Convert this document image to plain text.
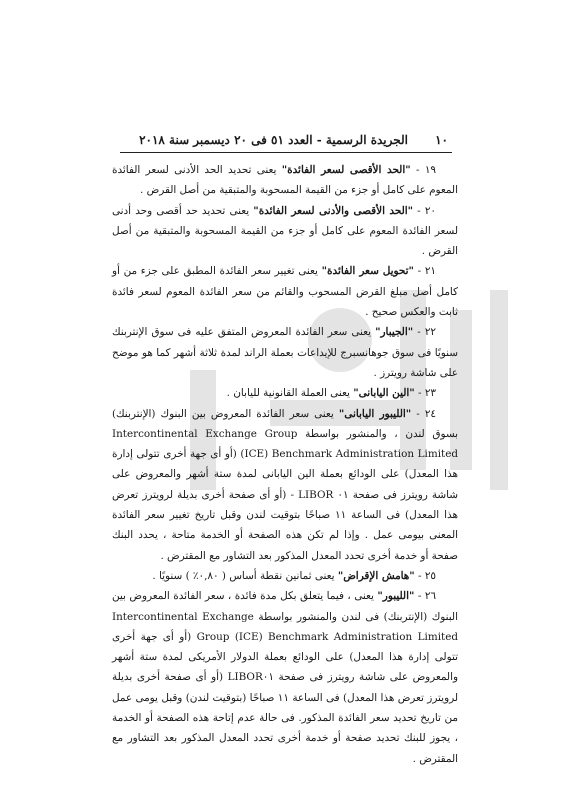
١٠
الجريدة الرسمية - العدد ٥١ فى ٢٠ ديسمبر سنة ٢٠١٨

١٩ - "الحد الأقصى لسعر الفائدة" يعنى تحديد الحد الأدنى لسعر الفائدة المعوم على كامل أو جزء من القيمة المسحوبة والمتبقية من أصل القرض .

٢٠ - "الحد الأقصى والأدنى لسعر الفائدة" يعنى تحديد حد أقصى وحد أدنى لسعر الفائدة المعوم على كامل أو جزء من القيمة المسحوبة والمتبقية من أصل القرض .

٢١ - "تحويل سعر الفائدة" يعنى تغيير سعر الفائدة المطبق على جزء من أو كامل أصل مبلغ القرض المسحوب والقائم من سعر الفائدة المعوم لسعر فائدة ثابت والعكس صحيح .

٢٢ - "الجيبار" يعنى سعر الفائدة المعروض المتفق عليه فى سوق الإنتربنك سنويًا فى سوق جوهانسبرج للإيداعات بعملة الراند لمدة ثلاثة أشهر كما هو موضح على شاشة رويترز .

٢٣ - "الين اليابانى" يعنى العملة القانونية لليابان .

٢٤ - "الليبور اليابانى" يعنى سعر الفائدة المعروض بين البنوك (الإنتربنك) بسوق لندن ، والمنشور بواسطة Intercontinental Exchange Group (ICE) Benchmark Administration Limited (أو أى جهة أخرى تتولى إدارة هذا المعدل) على الودائع بعملة الين اليابانى لمدة ستة أشهر والمعروض على شاشة رويترز فى صفحة LIBOR ٠١ - (أو أى صفحة أخرى بديلة لرويترز تعرض هذا المعدل) فى الساعة ١١ صباحًا بتوقيت لندن وقبل تاريخ تغيير سعر الفائدة المعنى بيومى عمل . وإذا لم تكن هذه الصفحة أو الخدمة متاحة ، يحدد البنك صفحة أو خدمة أخرى تحدد المعدل المذكور بعد التشاور مع المقترض .

٢٥ - "هامش الإقراض" يعنى ثمانين نقطة أساس ( ٠,٨٠٪ ) سنويًا .

٢٦ - "الليبور" يعنى ، فيما يتعلق بكل مدة فائدة ، سعر الفائدة المعروض بين البنوك (الإنتربنك) فى لندن والمنشور بواسطة Intercontinental Exchange Group (ICE) Benchmark Administration Limited (أو أى جهة أخرى تتولى إدارة هذا المعدل) على الودائع بعملة الدولار الأمريكى لمدة ستة أشهر والمعروض على شاشة رويترز فى صفحة LIBOR٠١ (أو أى صفحة أخرى بديلة لرويترز تعرض هذا المعدل) فى الساعة ١١ صباحًا (بتوقيت لندن) وقبل يومى عمل من تاريخ تحديد سعر الفائدة المذكور. فى حالة عدم إتاحة هذه الصفحة أو الخدمة ، يجوز للبنك تحديد صفحة أو خدمة أخرى تحدد المعدل المذكور بعد التشاور مع المقترض .
